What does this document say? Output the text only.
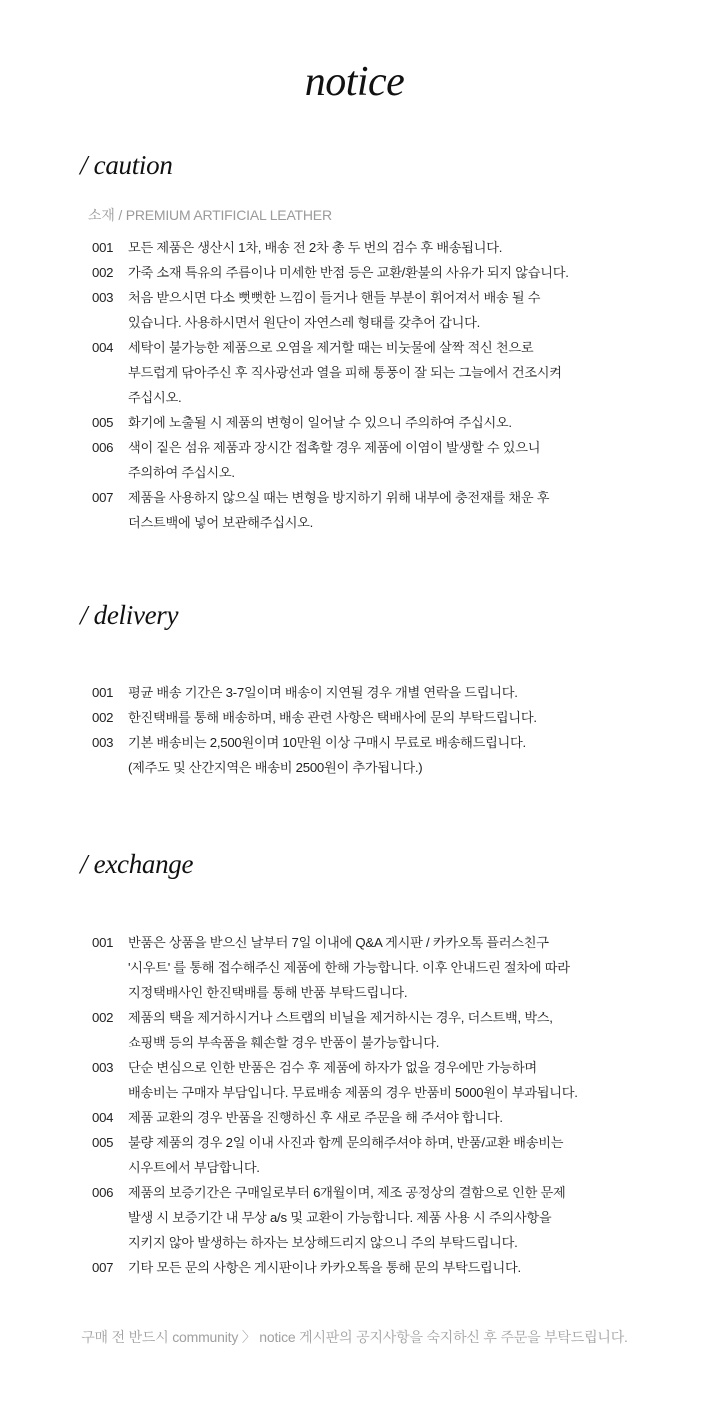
notice
/ caution
소재 / PREMIUM ARTIFICIAL LEATHER
001	모든 제품은 생산시 1차, 배송 전 2차 총 두 번의 검수 후 배송됩니다.
002	가죽 소재 특유의 주름이나 미세한 반점 등은 교환/환불의 사유가 되지 않습니다.
003	처음 받으시면 다소 뻣뻣한 느낌이 들거나 핸들 부분이 휘어져서 배송 될 수
있습니다. 사용하시면서 원단이 자연스레 형태를 갖추어 갑니다.
004	세탁이 불가능한 제품으로 오염을 제거할 때는 비눗물에 살짝 적신 천으로
부드럽게 닦아주신 후 직사광선과 열을 피해 통풍이 잘 되는 그늘에서 건조시켜
주십시오.
005	화기에 노출될 시 제품의 변형이 일어날 수 있으니 주의하여 주십시오.
006	색이 짙은 섬유 제품과 장시간 접촉할 경우 제품에 이염이 발생할 수 있으니
주의하여 주십시오.
007	제품을 사용하지 않으실 때는 변형을 방지하기 위해 내부에 충전재를 채운 후
더스트백에 넣어 보관해주십시오.
/ delivery
001	평균 배송 기간은 3-7일이며 배송이 지연될 경우 개별 연락을 드립니다.
002	한진택배를 통해 배송하며, 배송 관련 사항은 택배사에 문의 부탁드립니다.
003	기본 배송비는 2,500원이며 10만원 이상 구매시 무료로 배송해드립니다.
(제주도 및 산간지역은 배송비 2500원이 추가됩니다.)
/ exchange
001	반품은 상품을 받으신 날부터 7일 이내에 Q&A 게시판 / 카카오톡 플러스친구
'시우트' 를 통해 접수해주신 제품에 한해 가능합니다. 이후 안내드린 절차에 따라
지정택배사인 한진택배를 통해 반품 부탁드립니다.
002	제품의 택을 제거하시거나 스트랩의 비닐을 제거하시는 경우, 더스트백, 박스,
쇼핑백 등의 부속품을 훼손할 경우 반품이 불가능합니다.
003	단순 변심으로 인한 반품은 검수 후 제품에 하자가 없을 경우에만 가능하며
배송비는 구매자 부담입니다. 무료배송 제품의 경우 반품비 5000원이 부과됩니다.
004	제품 교환의 경우 반품을 진행하신 후 새로 주문을 해 주셔야 합니다.
005	불량 제품의 경우 2일 이내 사진과 함께 문의해주셔야 하며, 반품/교환 배송비는
시우트에서 부담합니다.
006	제품의 보증기간은 구매일로부터 6개월이며, 제조 공정상의 결함으로 인한 문제
발생 시 보증기간 내 무상 a/s 및 교환이 가능합니다. 제품 사용 시 주의사항을
지키지 않아 발생하는 하자는 보상해드리지 않으니 주의 부탁드립니다.
007	기타 모든 문의 사항은 게시판이나 카카오톡을 통해 문의 부탁드립니다.
구매 전 반드시 community 〉 notice 게시판의 공지사항을 숙지하신 후 주문을 부탁드립니다.
